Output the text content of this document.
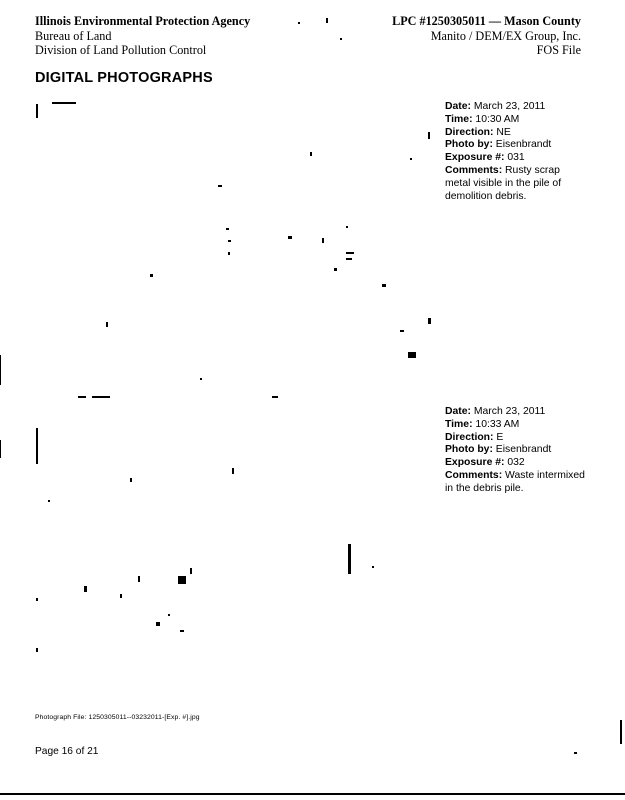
Illinois Environmental Protection Agency
Bureau of Land
Division of Land Pollution Control
LPC #1250305011 — Mason County
Manito / DEM/EX Group, Inc.
FOS File
DIGITAL PHOTOGRAPHS
Date: March 23, 2011
Time: 10:30 AM
Direction: NE
Photo by: Eisenbrandt
Exposure #: 031
Comments: Rusty scrap metal visible in the pile of demolition debris.
Date: March 23, 2011
Time: 10:33 AM
Direction: E
Photo by: Eisenbrandt
Exposure #: 032
Comments: Waste intermixed in the debris pile.
Photograph File: 1250305011--03232011-[Exp. #].jpg
Page 16 of 21
